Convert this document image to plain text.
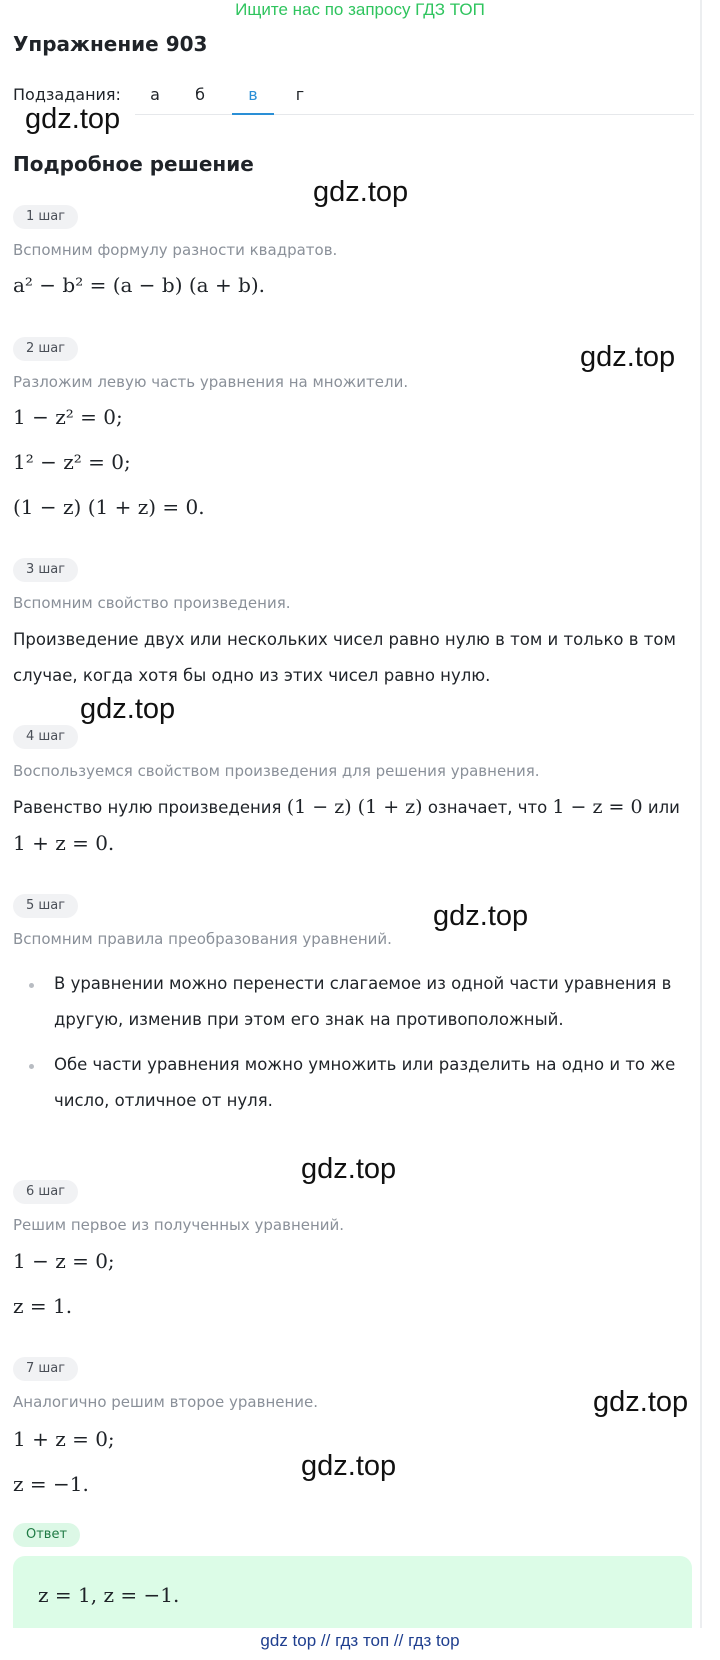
Ищите нас по запросу ГДЗ ТОП
Упражнение 903
Подзадания:	а	б	в	г
gdz.top
Подробное решение
gdz.top
1 шаг
Вспомним формулу разности квадратов.
a² − b² = (a − b) (a + b).
gdz.top
2 шаг
Разложим левую часть уравнения на множители.
1 − z² = 0;
1² − z² = 0;
(1 − z) (1 + z) = 0.
3 шаг
Вспомним свойство произведения.
Произведение двух или нескольких чисел равно нулю в том и только в том
случае, когда хотя бы одно из этих чисел равно нулю.
gdz.top
4 шаг
Воспользуемся свойством произведения для решения уравнения.
Равенство нулю произведения (1 − z) (1 + z) означает, что 1 − z = 0 или
1 + z = 0.
5 шаг	gdz.top
Вспомним правила преобразования уравнений.
В уравнении можно перенести слагаемое из одной части уравнения в
другую, изменив при этом его знак на противоположный.
Обе части уравнения можно умножить или разделить на одно и то же
число, отличное от нуля.
gdz.top
6 шаг
Решим первое из полученных уравнений.
1 − z = 0;
z = 1.
7 шаг
gdz.top
Аналогично решим второе уравнение.
1 + z = 0;
gdz.top
z = −1.
Ответ
z = 1, z = −1.
gdz top // гдз топ // гдз top
